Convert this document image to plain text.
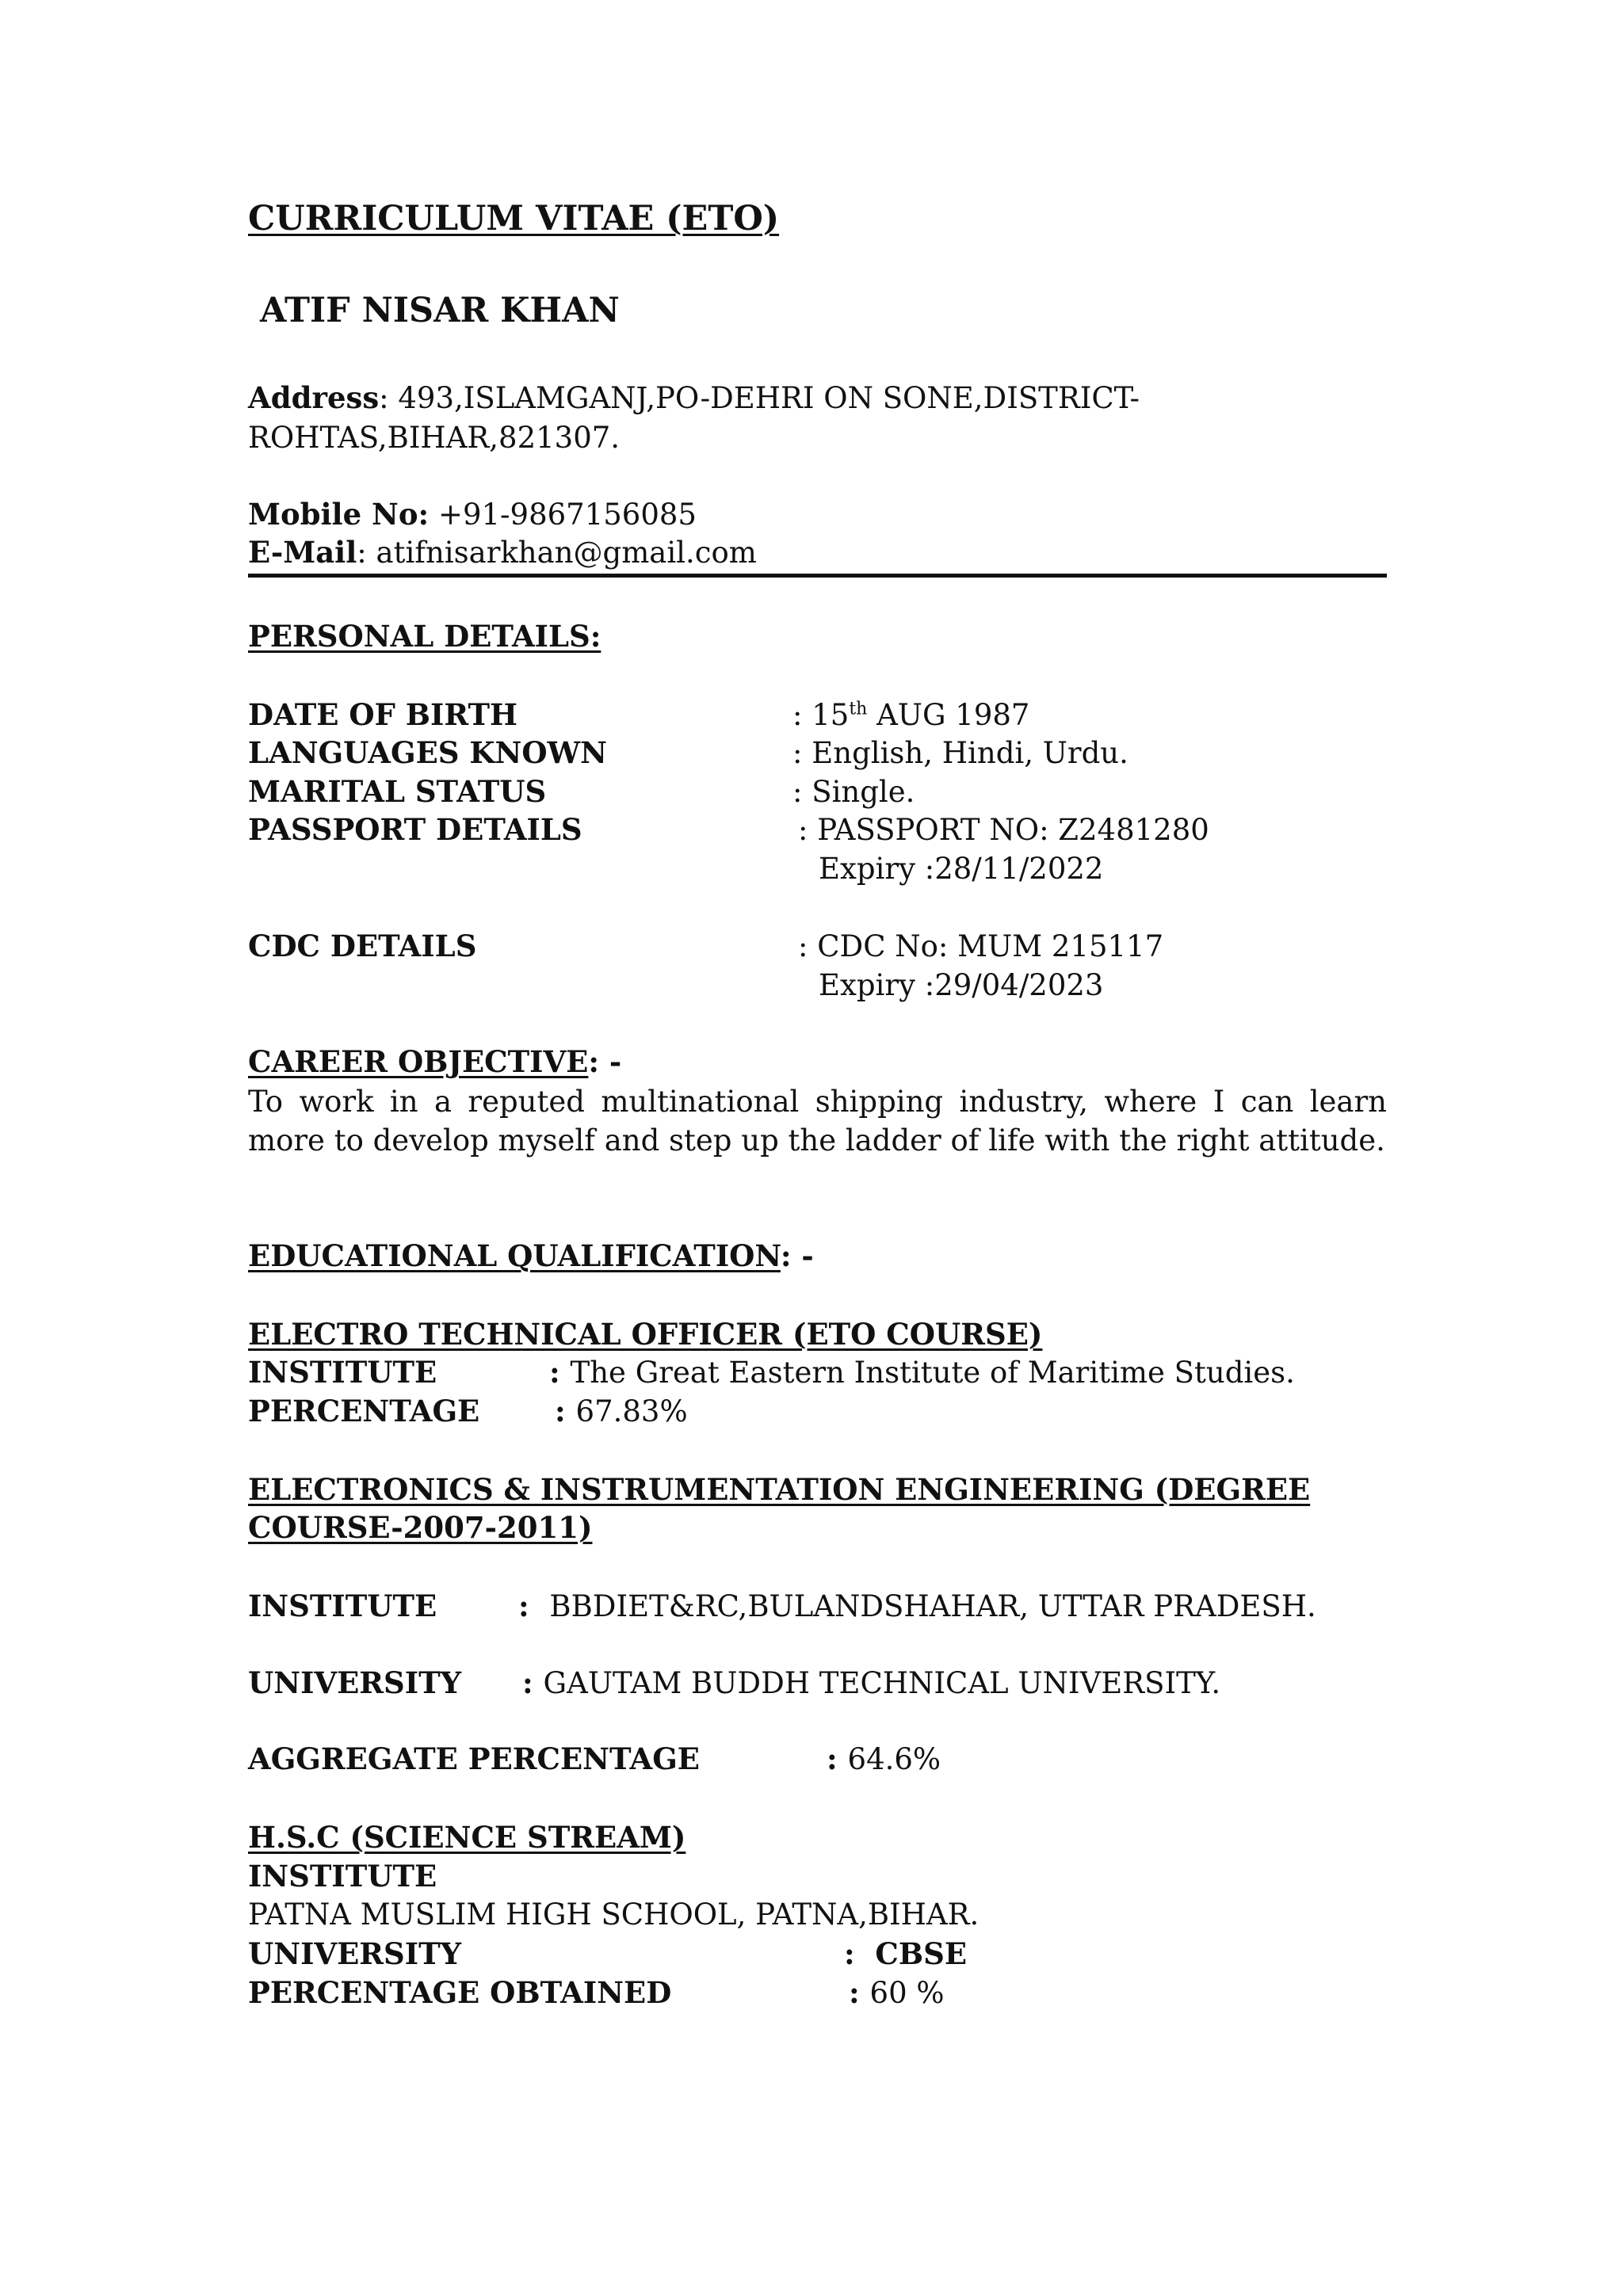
CURRICULUM VITAE (ETO)
ATIF NISAR KHAN
Address: 493,ISLAMGANJ,PO-DEHRI ON SONE,DISTRICT-
ROHTAS,BIHAR,821307.
Mobile No: +91-9867156085
E-Mail: atifnisarkhan@gmail.com
PERSONAL DETAILS:
DATE OF BIRTH	: 15th AUG 1987
LANGUAGES KNOWN	: English, Hindi, Urdu.
MARITAL STATUS	: Single.
PASSPORT DETAILS	: PASSPORT NO: Z2481280
Expiry :28/11/2022
CDC DETAILS	: CDC No: MUM 215117
Expiry :29/04/2023
CAREER OBJECTIVE: -
To work in a reputed multinational shipping industry, where I can learn more to develop myself and step up the ladder of life with the right attitude.
EDUCATIONAL QUALIFICATION: -
ELECTRO TECHNICAL OFFICER (ETO COURSE)
INSTITUTE	: The Great Eastern Institute of Maritime Studies.
PERCENTAGE	: 67.83%
ELECTRONICS & INSTRUMENTATION ENGINEERING (DEGREE
COURSE-2007-2011)
INSTITUTE	:  BBDIET&RC,BULANDSHAHAR, UTTAR PRADESH.
UNIVERSITY : GAUTAM BUDDH TECHNICAL UNIVERSITY.
AGGREGATE PERCENTAGE	: 64.6%
H.S.C (SCIENCE STREAM)
INSTITUTE
PATNA MUSLIM HIGH SCHOOL, PATNA,BIHAR.
UNIVERSITY	:  CBSE
PERCENTAGE OBTAINED	: 60 %
